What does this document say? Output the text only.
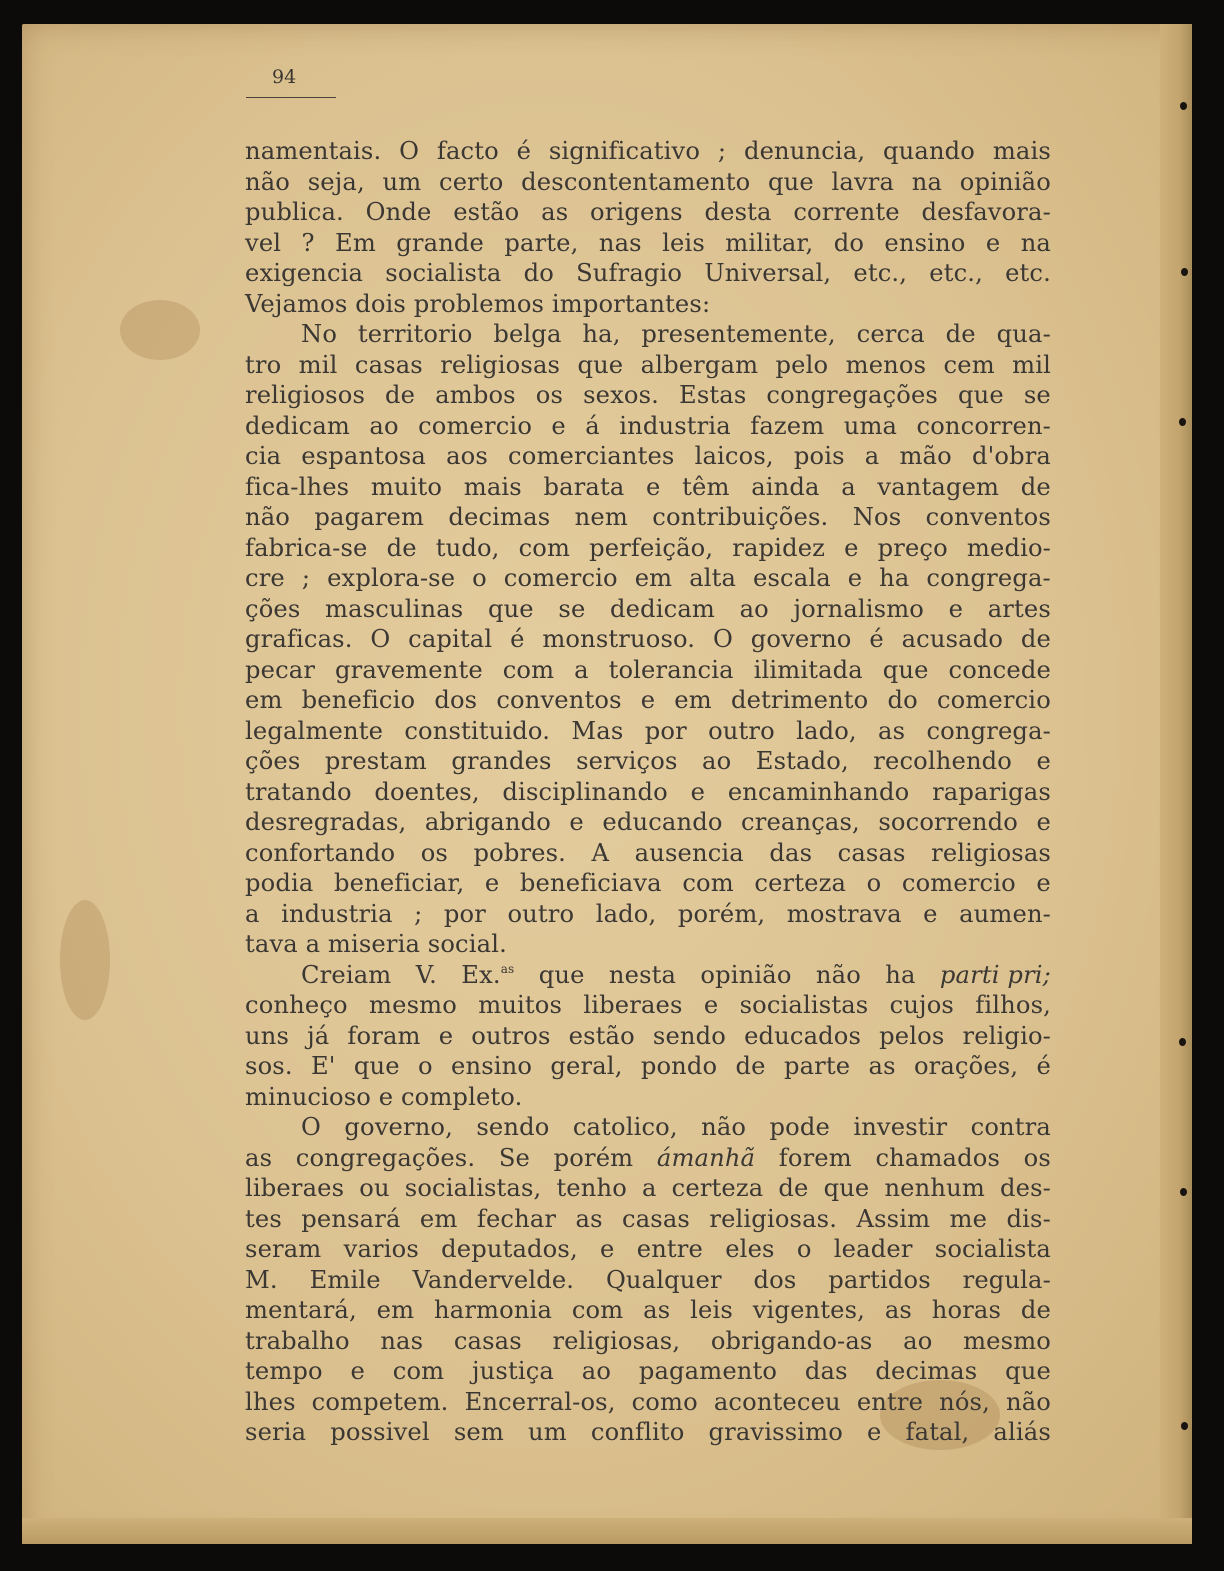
94
namentais. O facto é significativo ; denuncia, quando mais
não seja, um certo descontentamento que lavra na opinião
publica. Onde estão as origens desta corrente desfavora-
vel ? Em grande parte, nas leis militar, do ensino e na
exigencia socialista do Sufragio Universal, etc., etc., etc.
Vejamos dois problemos importantes:
No territorio belga ha, presentemente, cerca de qua-
tro mil casas religiosas que albergam pelo menos cem mil
religiosos de ambos os sexos. Estas congregações que se
dedicam ao comercio e á industria fazem uma concorren-
cia espantosa aos comerciantes laicos, pois a mão d'obra
fica-lhes muito mais barata e têm ainda a vantagem de
não pagarem decimas nem contribuições. Nos conventos
fabrica-se de tudo, com perfeição, rapidez e preço medio-
cre ; explora-se o comercio em alta escala e ha congrega-
ções masculinas que se dedicam ao jornalismo e artes
graficas. O capital é monstruoso. O governo é acusado de
pecar gravemente com a tolerancia ilimitada que concede
em beneficio dos conventos e em detrimento do comercio
legalmente constituido. Mas por outro lado, as congrega-
ções prestam grandes serviços ao Estado, recolhendo e
tratando doentes, disciplinando e encaminhando raparigas
desregradas, abrigando e educando creanças, socorrendo e
confortando os pobres. A ausencia das casas religiosas
podia beneficiar, e beneficiava com certeza o comercio e
a industria ; por outro lado, porém, mostrava e aumen-
tava a miseria social.
Creiam V. Ex.$^{as}$ que nesta opinião não ha parti pri;
conheço mesmo muitos liberaes e socialistas cujos filhos,
uns já foram e outros estão sendo educados pelos religio-
sos. E' que o ensino geral, pondo de parte as orações, é
minucioso e completo.
O governo, sendo catolico, não pode investir contra
as congregações. Se porém ámanhã forem chamados os
liberaes ou socialistas, tenho a certeza de que nenhum des-
tes pensará em fechar as casas religiosas. Assim me dis-
seram varios deputados, e entre eles o leader socialista
M. Emile Vandervelde. Qualquer dos partidos regula-
mentará, em harmonia com as leis vigentes, as horas de
trabalho nas casas religiosas, obrigando-as ao mesmo
tempo e com justiça ao pagamento das decimas que
lhes competem. Encerral-os, como aconteceu entre nós, não
seria possivel sem um conflito gravissimo e fatal, aliás
